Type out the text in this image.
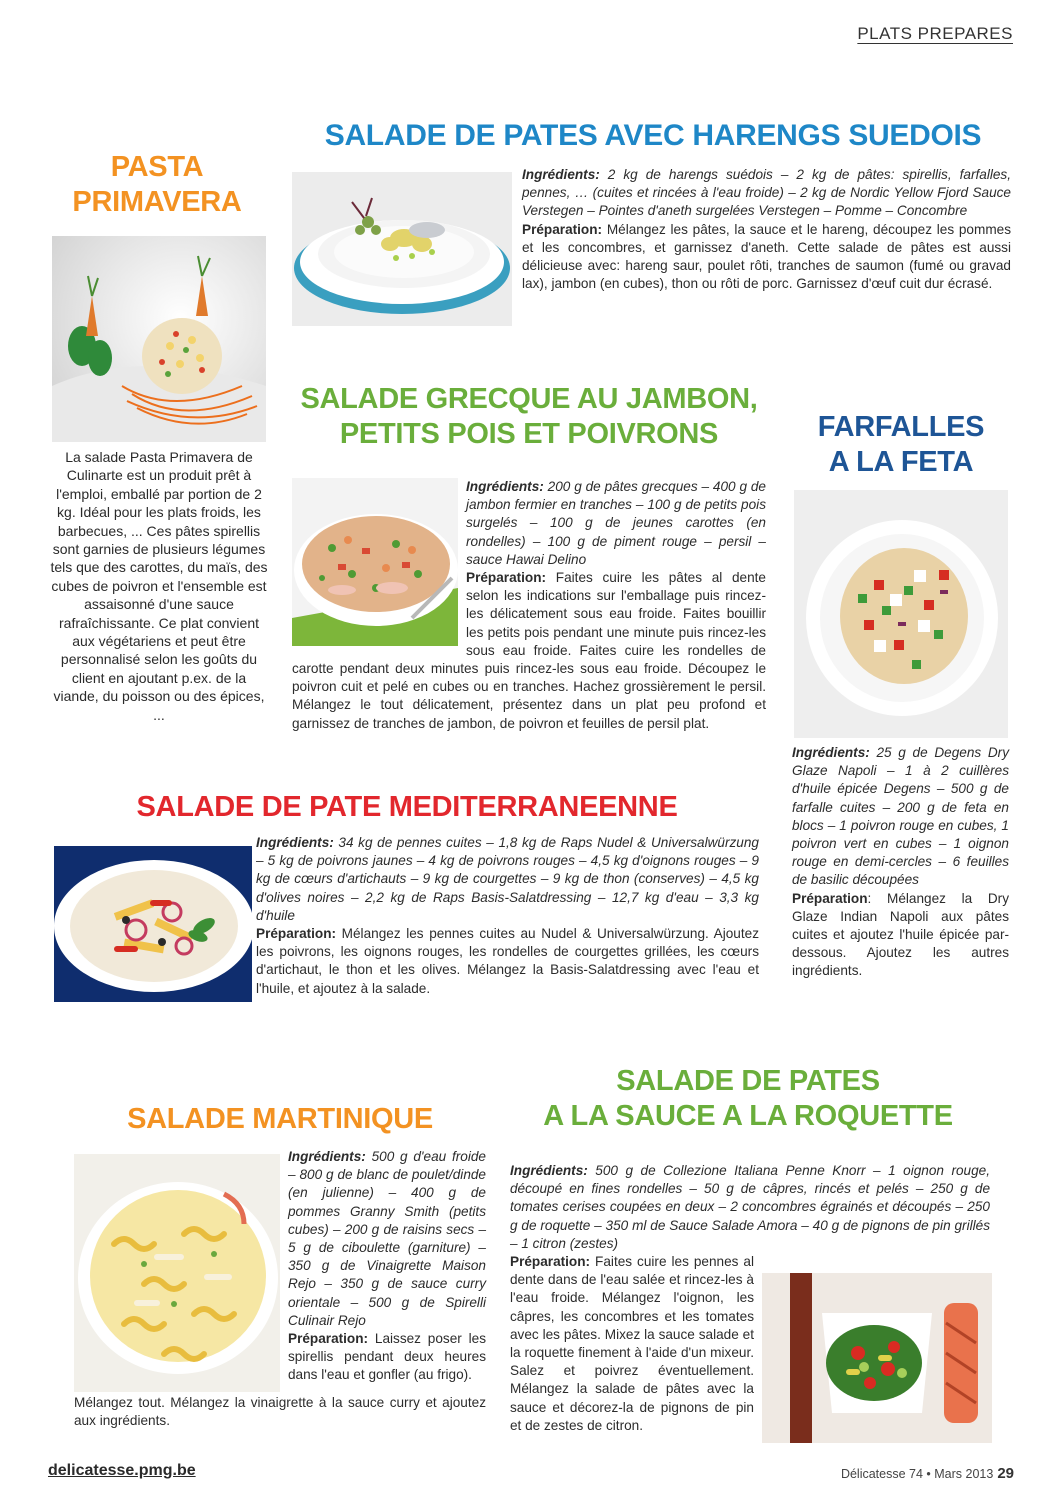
PLATS PREPARES
PASTA
PRIMAVERA
La salade Pasta Primavera de Culinarte est un produit prêt à l'emploi, emballé par portion de 2 kg. Idéal pour les plats froids, les barbecues, ... Ces pâtes spirellis sont garnies de plusieurs légumes tels que des carottes, du maïs, des cubes de poivron et l'ensemble est assaisonné d'une sauce rafraîchissante. Ce plat convient aux végétariens et peut être personnalisé selon les goûts du client en ajoutant p.ex. de la viande, du poisson ou des épices, ...
SALADE DE PATES AVEC HARENGS SUEDOIS

Ingrédients: 2 kg de harengs suédois – 2 kg de pâtes: spirellis, farfalles, pennes, … (cuites et rincées à l'eau froide) – 2 kg de Nordic Yellow Fjord Sauce Verstegen – Pointes d'aneth surgelées Verstegen – Pomme – Concombre

Préparation: Mélangez les pâtes, la sauce et le hareng, découpez les pommes et les concombres, et garnissez d'aneth. Cette salade de pâtes est aussi délicieuse avec: hareng saur, poulet rôti, tranches de saumon (fumé ou gravad lax), jambon (en cubes), thon ou rôti de porc. Garnissez d'œuf cuit dur écrasé.

SALADE GRECQUE AU JAMBON,
PETITS POIS ET POIVRONS

Ingrédients: 200 g de pâtes grecques – 400 g de jambon fermier en tranches – 100 g de petits pois surgelés – 100 g de jeunes carottes (en rondelles) – 100 g de piment rouge – persil – sauce Hawai Delino

Préparation: Faites cuire les pâtes al dente selon les indications sur l'emballage puis rincez-les délicatement sous eau froide. Faites bouillir les petits pois pendant une minute puis rincez-les sous eau froide. Faites cuire les rondelles de carotte pendant deux minutes puis rincez-les sous eau froide. Découpez le poivron cuit et pelé en cubes ou en tranches. Hachez grossièrement le persil. Mélangez le tout délicatement, présentez dans un plat peu profond et garnissez de tranches de jambon, de poivron et feuilles de persil plat.

FARFALLES
A LA FETA

Ingrédients: 25 g de Degens Dry Glaze Napoli – 1 à 2 cuillères d'huile épicée Degens – 500 g de farfalle cuites – 200 g de feta en blocs – 1 poivron rouge en cubes, 1 poivron vert en cubes – 1 oignon rouge en demi-cercles – 6 feuilles de basilic découpées

Préparation: Mélangez la Dry Glaze Indian Napoli aux pâtes cuites et ajoutez l'huile épicée par-dessous. Ajoutez les autres ingrédients.

SALADE DE PATE MEDITERRANEENNE

Ingrédients: 34 kg de pennes cuites – 1,8 kg de Raps Nudel & Universalwürzung – 5 kg de poivrons jaunes – 4 kg de poivrons rouges – 4,5 kg d'oignons rouges – 9 kg de cœurs d'artichauts – 9 kg de courgettes – 9 kg de thon (conserves) – 4,5 kg d'olives noires – 2,2 kg de Raps Basis-Salatdressing – 12,7 kg d'eau – 3,3 kg d'huile

Préparation: Mélangez les pennes cuites au Nudel & Universalwürzung. Ajoutez les poivrons, les oignons rouges, les rondelles de courgettes grillées, les cœurs d'artichaut, le thon et les olives. Mélangez la Basis-Salatdressing avec l'eau et l'huile, et ajoutez à la salade.

SALADE MARTINIQUE

Ingrédients: 500 g d'eau froide – 800 g de blanc de poulet/dinde (en julienne) – 400 g de pommes Granny Smith (petits cubes) – 200 g de raisins secs – 5 g de ciboulette (garniture) – 350 g de Vinaigrette Maison Rejo – 350 g de sauce curry orientale – 500 g de Spirelli Culinair Rejo

Préparation: Laissez poser les spirellis pendant deux heures dans l'eau et gonfler (au frigo).

Mélangez tout. Mélangez la vinaigrette à la sauce curry et ajoutez aux ingrédients.

SALADE DE PATES
A LA SAUCE A LA ROQUETTE

Ingrédients: 500 g de Collezione Italiana Penne Knorr – 1 oignon rouge, découpé en fines rondelles – 50 g de câpres, rincés et pelés – 250 g de tomates cerises coupées en deux – 2 concombres égrainés et découpés – 250 g de roquette – 350 ml de Sauce Salade Amora – 40 g de pignons de pin grillés – 1 citron (zestes)

Préparation: Faites cuire les pennes al dente dans de l'eau salée et rincez-les à l'eau froide. Mélangez l'oignon, les câpres, les concombres et les tomates avec les pâtes. Mixez la sauce salade et la roquette finement à l'aide d'un mixeur. Salez et poivrez éventuellement. Mélangez la salade de pâtes avec la sauce et décorez-la de pignons de pin et de zestes de citron.

delicatesse.pmg.be	Délicatesse 74 • Mars 2013 29
